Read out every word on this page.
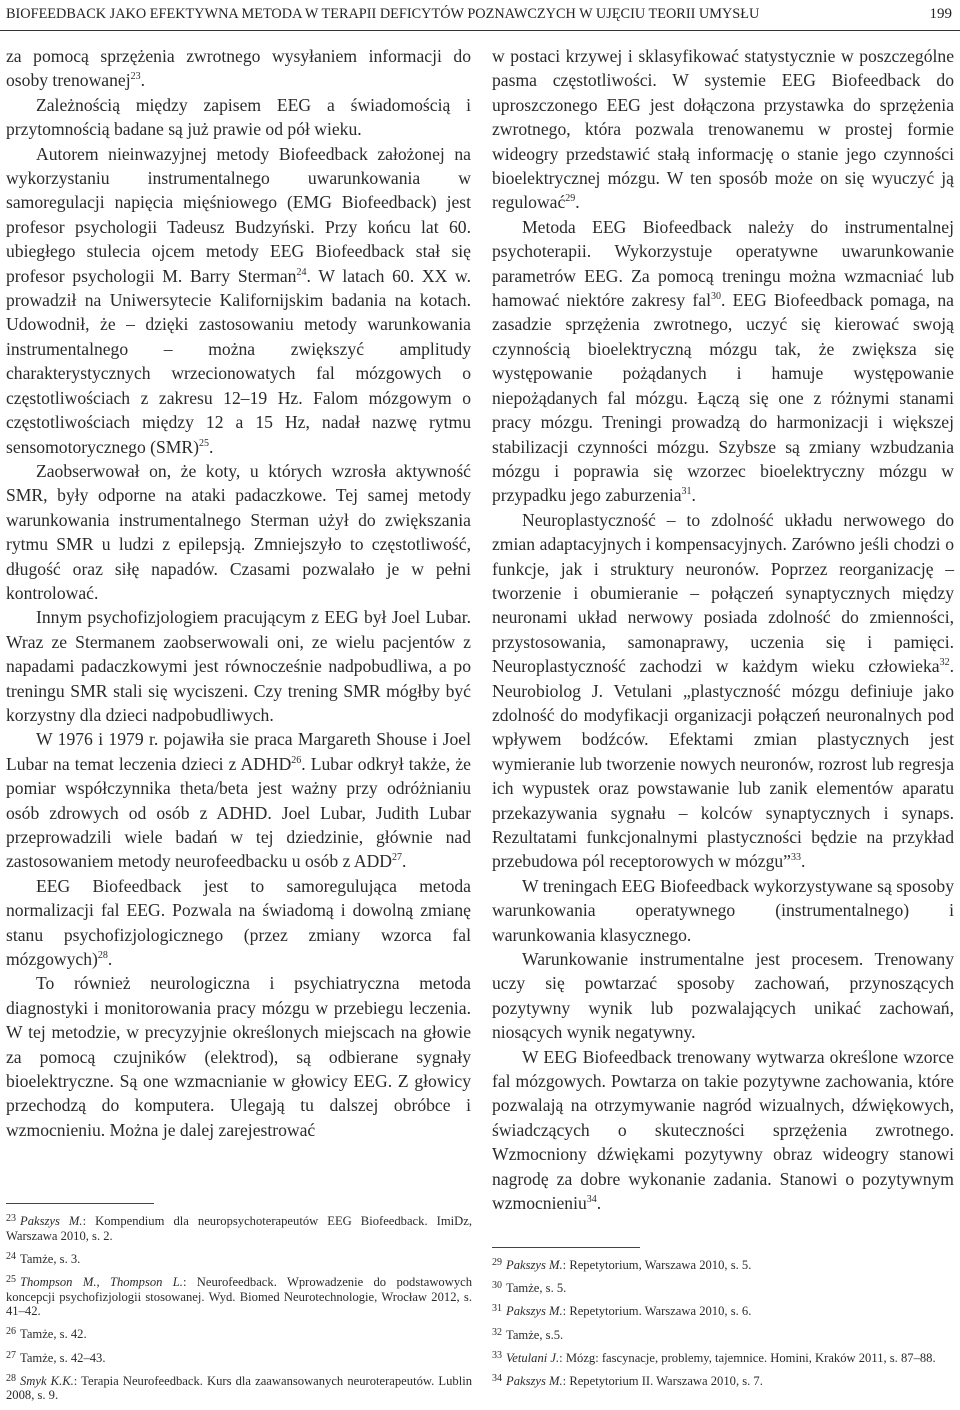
BIOFEEDBACK JAKO EFEKTYWNA METODA W TERAPII DEFICYTÓW POZNAWCZYCH W UJĘCIU TEORII UMYSŁU	199

za pomocą sprzężenia zwrotnego wysyłaniem informacji do osoby trenowanej$^{23}$.

Zależnością między zapisem EEG a świadomością i przytomnością badane są już prawie od pół wieku.

Autorem nieinwazyjnej metody Biofeedback założonej na wykorzystaniu instrumentalnego uwarunkowania w samoregulacji napięcia mięśniowego (EMG Biofeedback) jest profesor psychologii Tadeusz Budzyński. Przy końcu lat 60. ubiegłego stulecia ojcem metody EEG Biofeedback stał się profesor psychologii M. Barry Sterman$^{24}$. W latach 60. XX w. prowadził na Uniwersytecie Kalifornijskim badania na kotach. Udowodnił, że – dzięki zastosowaniu metody warunkowania instrumentalnego – można zwiększyć amplitudy charakterystycznych wrzecionowatych fal mózgowych o częstotliwościach z zakresu 12–19 Hz. Falom mózgowym o częstotliwościach między 12 a 15 Hz, nadał nazwę rytmu sensomotorycznego (SMR)$^{25}$.

Zaobserwował on, że koty, u których wzrosła aktywność SMR, były odporne na ataki padaczkowe. Tej samej metody warunkowania instrumentalnego Sterman użył do zwiększania rytmu SMR u ludzi z epilepsją. Zmniejszyło to częstotliwość, długość oraz siłę napadów. Czasami pozwalało je w pełni kontrolować.

Innym psychofizjologiem pracującym z EEG był Joel Lubar. Wraz ze Stermanem zaobserwowali oni, ze wielu pacjentów z napadami padaczkowymi jest równocześnie nadpobudliwa, a po treningu SMR stali się wyciszeni. Czy trening SMR mógłby być korzystny dla dzieci nadpobudliwych.

W 1976 i 1979 r. pojawiła sie praca Margareth Shouse i Joel Lubar na temat leczenia dzieci z ADHD$^{26}$. Lubar odkrył także, że pomiar współczynnika theta/beta jest ważny przy odróżnianiu osób zdrowych od osób z ADHD. Joel Lubar, Judith Lubar przeprowadzili wiele badań w tej dziedzinie, głównie nad zastosowaniem metody neurofeedbacku u osób z ADD$^{27}$.

EEG Biofeedback jest to samoregulująca metoda normalizacji fal EEG. Pozwala na świadomą i dowolną zmianę stanu psychofizjologicznego (przez zmiany wzorca fal mózgowych)$^{28}$.

To również neurologiczna i psychiatryczna metoda diagnostyki i monitorowania pracy mózgu w przebiegu leczenia. W tej metodzie, w precyzyjnie określonych miejscach na głowie za pomocą czujników (elektrod), są odbierane sygnały bioelektryczne. Są one wzmacnianie w głowicy EEG. Z głowicy przechodzą do komputera. Ulegają tu dalszej obróbce i wzmocnieniu. Można je dalej zarejestrować

w postaci krzywej i sklasyfikować statystycznie w poszczególne pasma częstotliwości. W systemie EEG Biofeedback do uproszczonego EEG jest dołączona przystawka do sprzężenia zwrotnego, która pozwala trenowanemu w prostej formie wideogry przedstawić stałą informację o stanie jego czynności bioelektrycznej mózgu. W ten sposób może on się wyuczyć ją regulować$^{29}$.

Metoda EEG Biofeedback należy do instrumentalnej psychoterapii. Wykorzystuje operatywne uwarunkowanie parametrów EEG. Za pomocą treningu można wzmacniać lub hamować niektóre zakresy fal$^{30}$. EEG Biofeedback pomaga, na zasadzie sprzężenia zwrotnego, uczyć się kierować swoją czynnością bioelektryczną mózgu tak, że zwiększa się występowanie pożądanych i hamuje występowanie niepożądanych fal mózgu. Łączą się one z różnymi stanami pracy mózgu. Treningi prowadzą do harmonizacji i większej stabilizacji czynności mózgu. Szybsze są zmiany wzbudzania mózgu i poprawia się wzorzec bioelektryczny mózgu w przypadku jego zaburzenia$^{31}$.

Neuroplastyczność – to zdolność układu nerwowego do zmian adaptacyjnych i kompensacyjnych. Zarówno jeśli chodzi o funkcje, jak i struktury neuronów. Poprzez reorganizację – tworzenie i obumieranie – połączeń synaptycznych między neuronami układ nerwowy posiada zdolność do zmienności, przystosowania, samonaprawy, uczenia się i pamięci. Neuroplastyczność zachodzi w każdym wieku człowieka$^{32}$. Neurobiolog J. Vetulani „plastyczność mózgu definiuje jako zdolność do modyfikacji organizacji połączeń neuronalnych pod wpływem bodźców. Efektami zmian plastycznych jest wymieranie lub tworzenie nowych neuronów, rozrost lub regresja ich wypustek oraz powstawanie lub zanik elementów aparatu przekazywania sygnału – kolców synaptycznych i synaps. Rezultatami funkcjonalnymi plastyczności będzie na przykład przebudowa pól receptorowych w mózgu”$^{33}$.

W treningach EEG Biofeedback wykorzystywane są sposoby warunkowania operatywnego (instrumentalnego) i warunkowania klasycznego.

Warunkowanie instrumentalne jest procesem. Trenowany uczy się powtarzać sposoby zachowań, przynoszących pozytywny wynik lub pozwalających unikać zachowań, niosących wynik negatywny.

W EEG Biofeedback trenowany wytwarza określone wzorce fal mózgowych. Powtarza on takie pozytywne zachowania, które pozwalają na otrzymywanie nagród wizualnych, dźwiękowych, świadczących o skuteczności sprzężenia zwrotnego. Wzmocniony dźwiękami pozytywny obraz wideogry stanowi nagrodę za dobre wykonanie zadania. Stanowi o pozytywnym wzmocnieniu$^{34}$.

$^{23}$ Pakszys M.: Kompendium dla neuropsychoterapeutów EEG Biofeedback. ImiDz, Warszawa 2010, s. 2.
$^{24}$ Tamże, s. 3.
$^{25}$ Thompson M., Thompson L.: Neurofeedback. Wprowadzenie do podstawowych koncepcji psychofizjologii stosowanej. Wyd. Biomed Neurotechnologie, Wrocław 2012, s. 41–42.
$^{26}$ Tamże, s. 42.
$^{27}$ Tamże, s. 42–43.
$^{28}$ Smyk K.K.: Terapia Neurofeedback. Kurs dla zaawansowanych neuroterapeutów. Lublin 2008, s. 9.
$^{29}$ Pakszys M.: Repetytorium, Warszawa 2010, s. 5.
$^{30}$ Tamże, s. 5.
$^{31}$ Pakszys M.: Repetytorium. Warszawa 2010, s. 6.
$^{32}$ Tamże, s.5.
$^{33}$ Vetulani J.: Mózg: fascynacje, problemy, tajemnice. Homini, Kraków 2011, s. 87–88.
$^{34}$ Pakszys M.: Repetytorium II. Warszawa 2010, s. 7.
